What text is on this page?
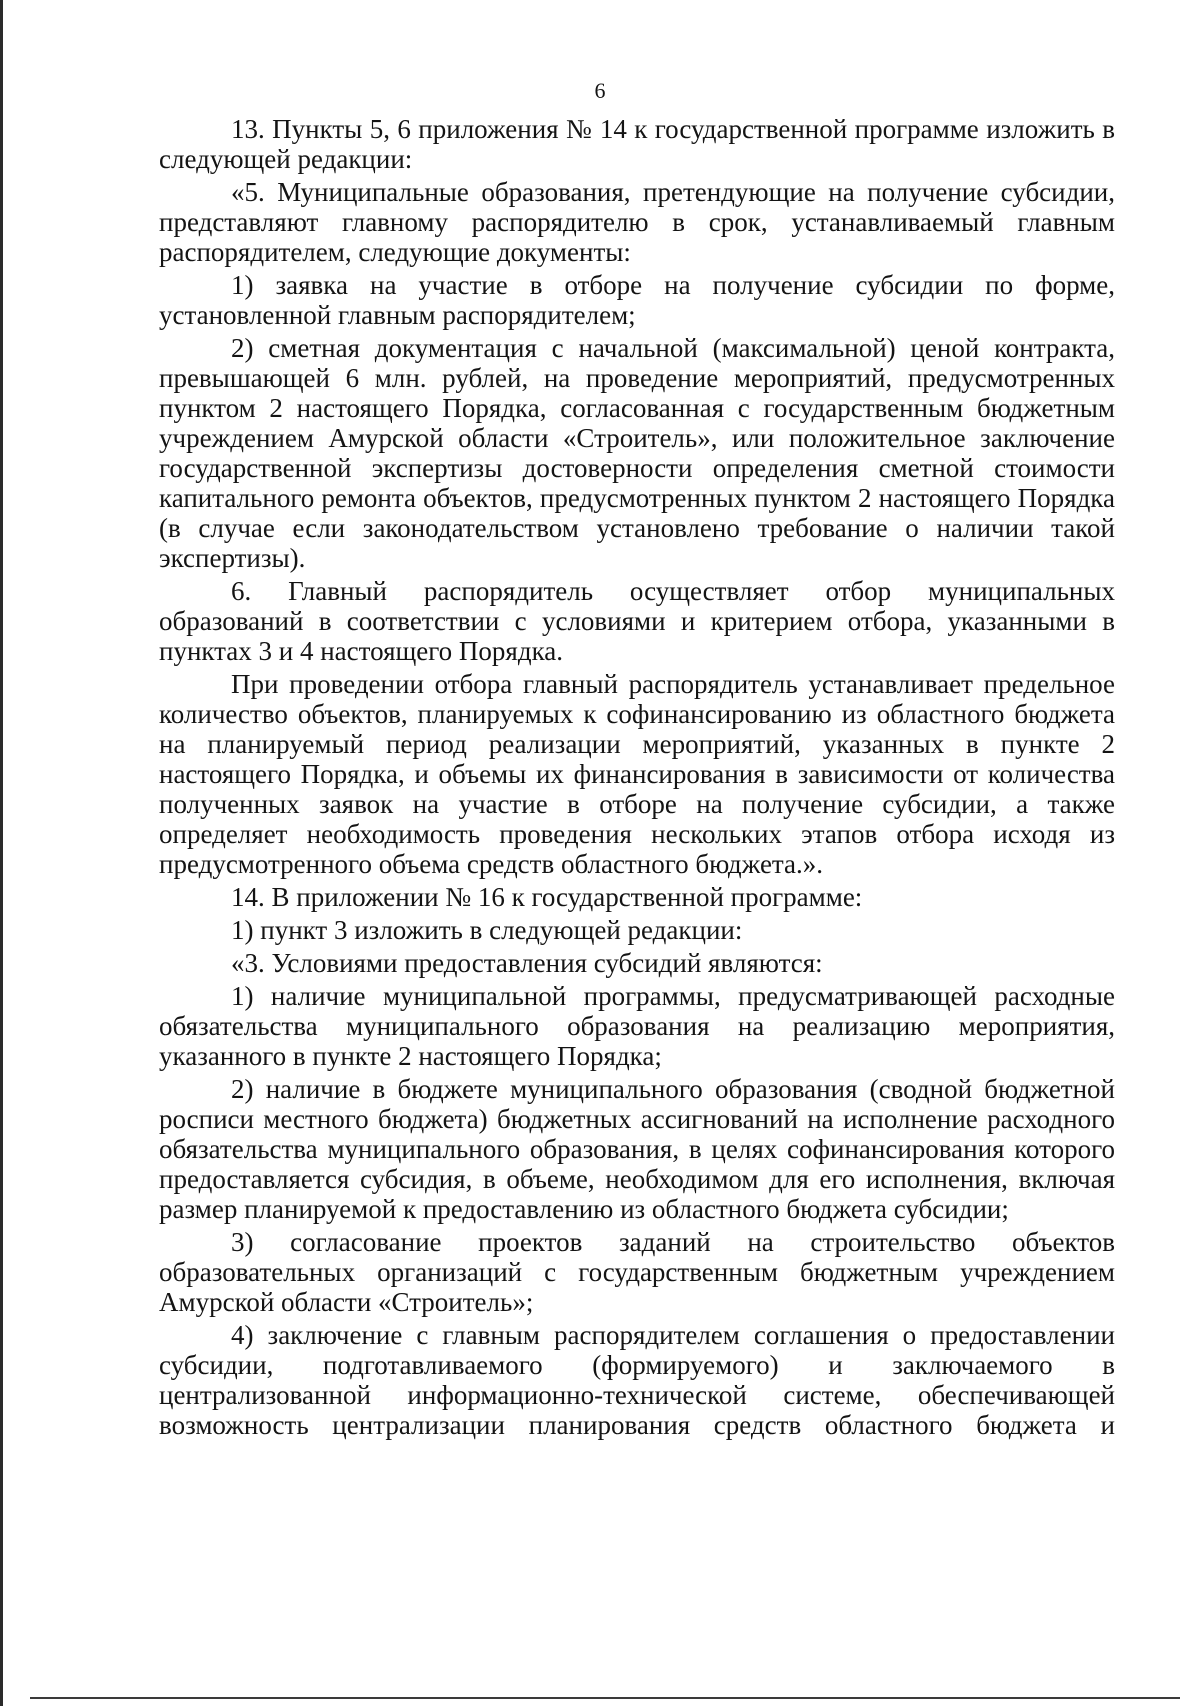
6

13. Пункты 5, 6 приложения № 14 к государственной программе изложить в следующей редакции:

«5. Муниципальные образования, претендующие на получение субсидии, представляют главному распорядителю в срок, устанавливаемый главным распорядителем, следующие документы:

1) заявка на участие в отборе на получение субсидии по форме, установленной главным распорядителем;

2) сметная документация с начальной (максимальной) ценой контракта, превышающей 6 млн. рублей, на проведение мероприятий, предусмотренных пунктом 2 настоящего Порядка, согласованная с государственным бюджетным учреждением Амурской области «Строитель», или положительное заключение государственной экспертизы достоверности определения сметной стоимости капитального ремонта объектов, предусмотренных пунктом 2 настоящего Порядка (в случае если законодательством установлено требование о наличии такой экспертизы).

6. Главный распорядитель осуществляет отбор муниципальных образований в соответствии с условиями и критерием отбора, указанными в пунктах 3 и 4 настоящего Порядка.

При проведении отбора главный распорядитель устанавливает предельное количество объектов, планируемых к софинансированию из областного бюджета на планируемый период реализации мероприятий, указанных в пункте 2 настоящего Порядка, и объемы их финансирования в зависимости от количества полученных заявок на участие в отборе на получение субсидии, а также определяет необходимость проведения нескольких этапов отбора исходя из предусмотренного объема средств областного бюджета.».

14. В приложении № 16 к государственной программе:

1) пункт 3 изложить в следующей редакции:

«3. Условиями предоставления субсидий являются:

1) наличие муниципальной программы, предусматривающей расходные обязательства муниципального образования на реализацию мероприятия, указанного в пункте 2 настоящего Порядка;

2) наличие в бюджете муниципального образования (сводной бюджетной росписи местного бюджета) бюджетных ассигнований на исполнение расходного обязательства муниципального образования, в целях софинансирования которого предоставляется субсидия, в объеме, необходимом для его исполнения, включая размер планируемой к предоставлению из областного бюджета субсидии;

3) согласование проектов заданий на строительство объектов образовательных организаций с государственным бюджетным учреждением Амурской области «Строитель»;

4) заключение с главным распорядителем соглашения о предоставлении субсидии, подготавливаемого (формируемого) и заключаемого в централизованной информационно-технической системе, обеспечивающей возможность централизации планирования средств областного бюджета и
